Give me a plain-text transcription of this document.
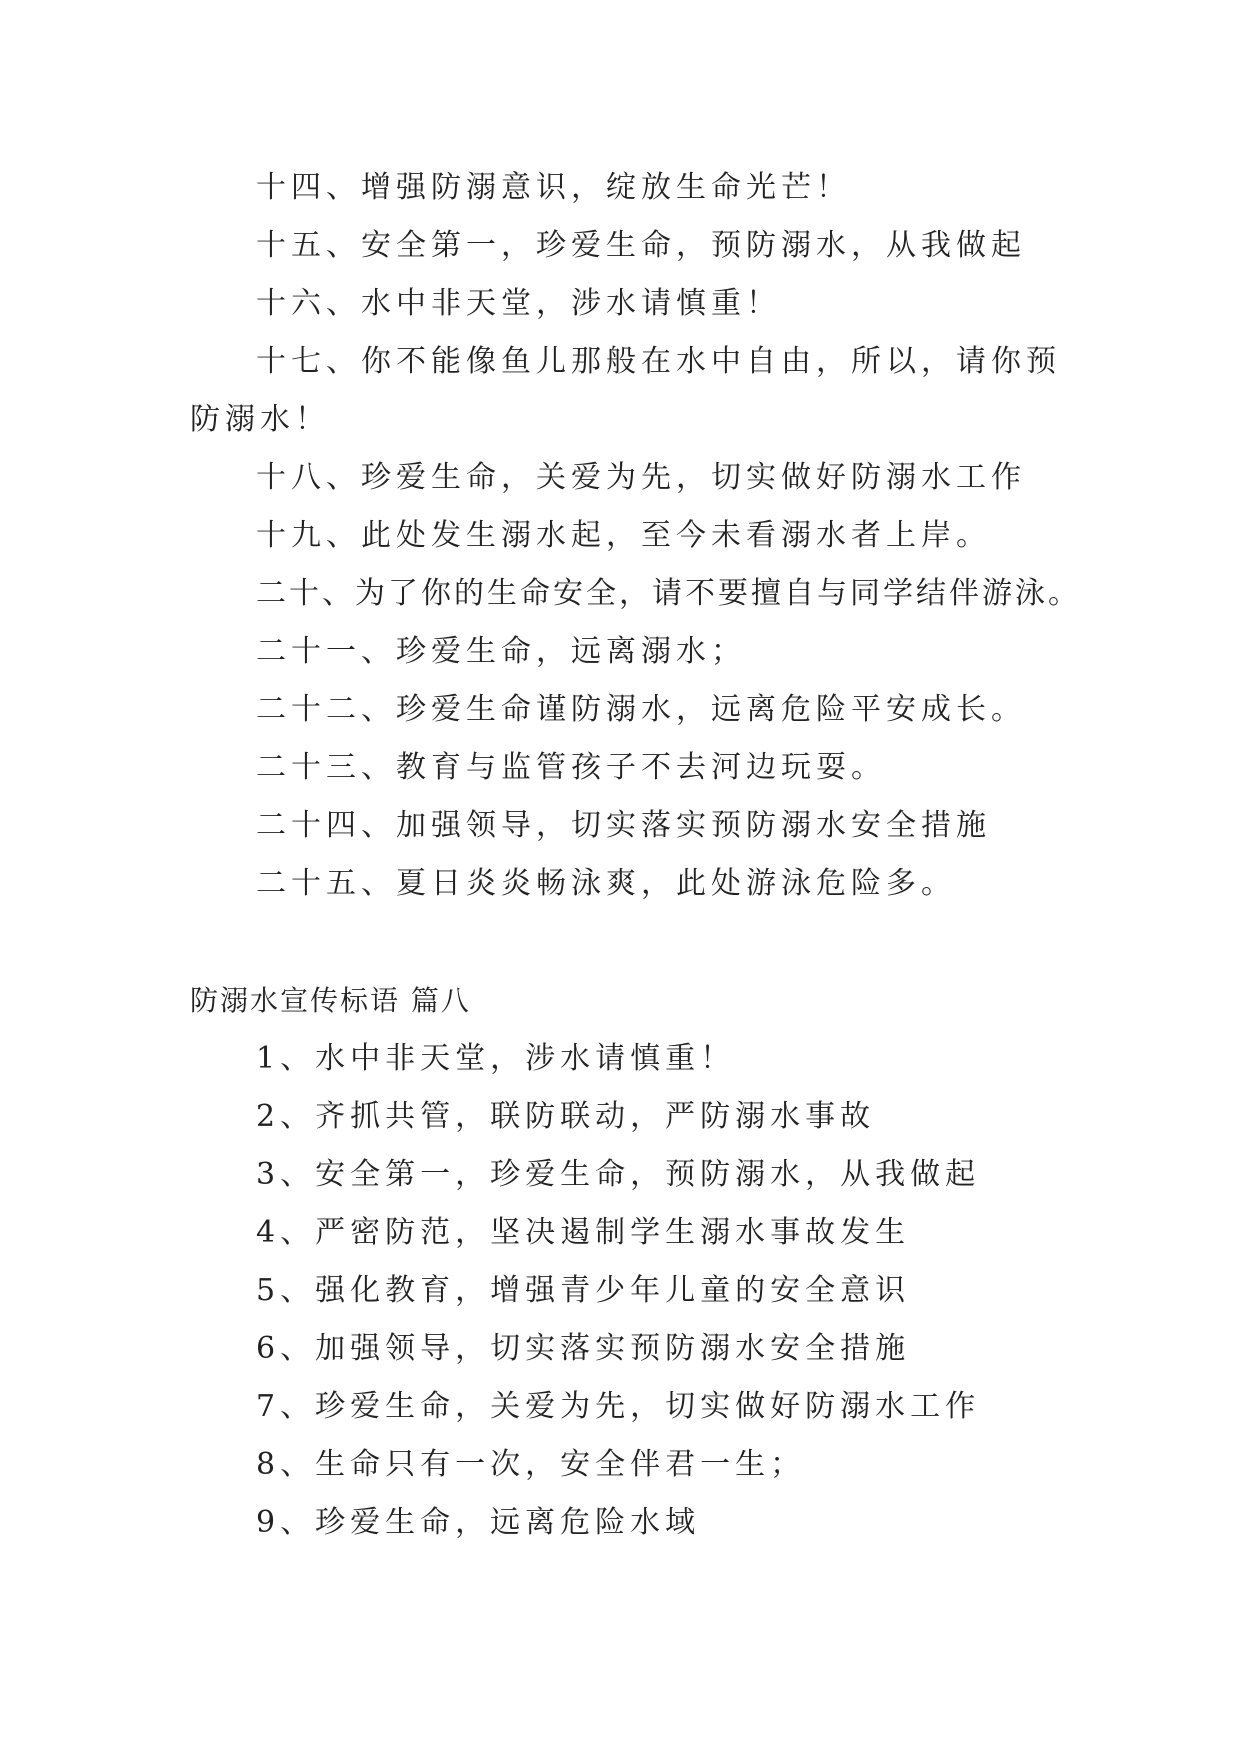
十四、增强防溺意识，绽放生命光芒！
十五、安全第一，珍爱生命，预防溺水，从我做起
十六、水中非天堂，涉水请慎重！
十七、你不能像鱼儿那般在水中自由，所以，请你预防溺水！
十八、珍爱生命，关爱为先，切实做好防溺水工作
十九、此处发生溺水起，至今未看溺水者上岸。
二十、为了你的生命安全，请不要擅自与同学结伴游泳。
二十一、珍爱生命，远离溺水；
二十二、珍爱生命谨防溺水，远离危险平安成长。
二十三、教育与监管孩子不去河边玩耍。
二十四、加强领导，切实落实预防溺水安全措施
二十五、夏日炎炎畅泳爽，此处游泳危险多。
防溺水宣传标语 篇八
1、水中非天堂，涉水请慎重！
2、齐抓共管，联防联动，严防溺水事故
3、安全第一，珍爱生命，预防溺水，从我做起
4、严密防范，坚决遏制学生溺水事故发生
5、强化教育，增强青少年儿童的安全意识
6、加强领导，切实落实预防溺水安全措施
7、珍爱生命，关爱为先，切实做好防溺水工作
8、生命只有一次，安全伴君一生；
9、珍爱生命，远离危险水域
